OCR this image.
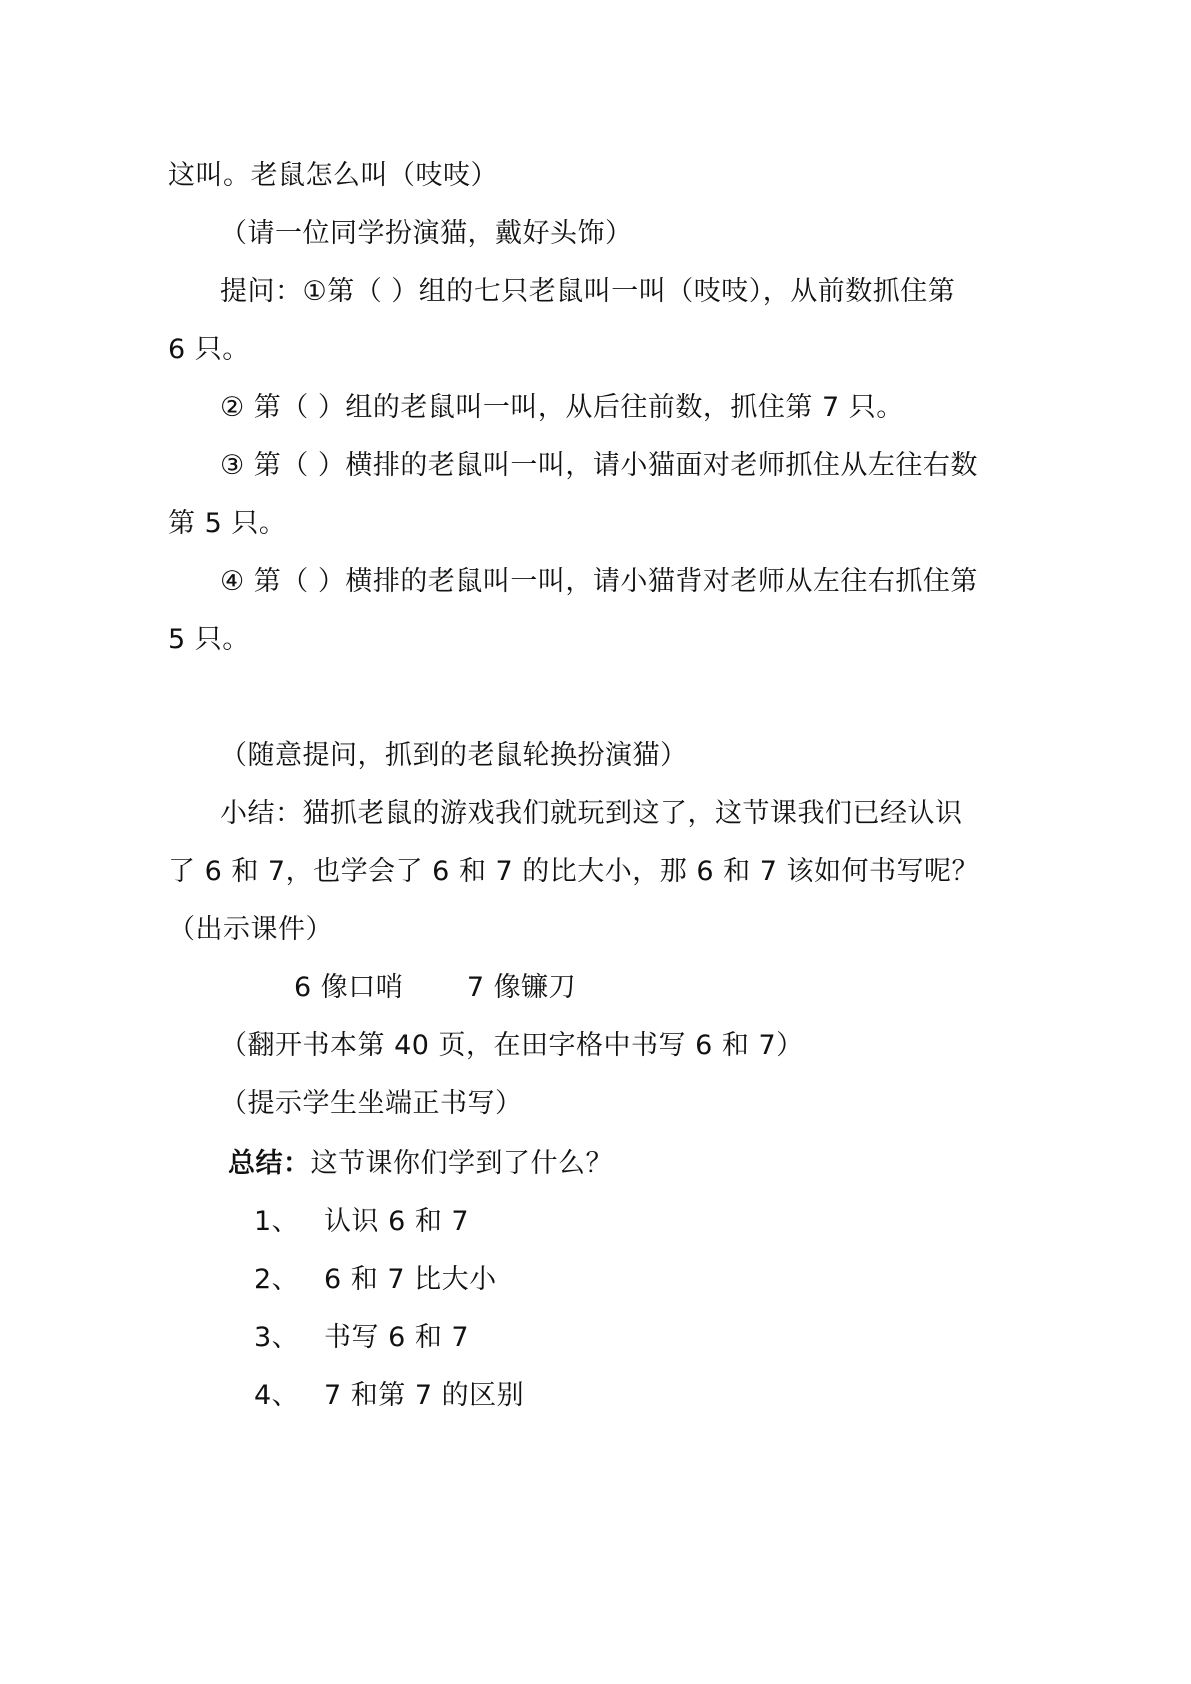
这叫。老鼠怎么叫（吱吱）
（请一位同学扮演猫，戴好头饰）
提问：①第（ ）组的七只老鼠叫一叫（吱吱），从前数抓住第
6 只。
② 第（ ）组的老鼠叫一叫，从后往前数，抓住第 7 只。
③ 第（ ）横排的老鼠叫一叫，请小猫面对老师抓住从左往右数
第 5 只。
④ 第（ ）横排的老鼠叫一叫，请小猫背对老师从左往右抓住第
5 只。
（随意提问，抓到的老鼠轮换扮演猫）
小结：猫抓老鼠的游戏我们就玩到这了，这节课我们已经认识
了 6 和 7，也学会了 6 和 7 的比大小，那 6 和 7 该如何书写呢？
（出示课件）
6 像口哨       7 像镰刀
（翻开书本第 40 页，在田字格中书写 6 和 7）
（提示学生坐端正书写）
总结：这节课你们学到了什么？
1、 认识 6 和 7
2、 6 和 7 比大小
3、 书写 6 和 7
4、 7 和第 7 的区别
